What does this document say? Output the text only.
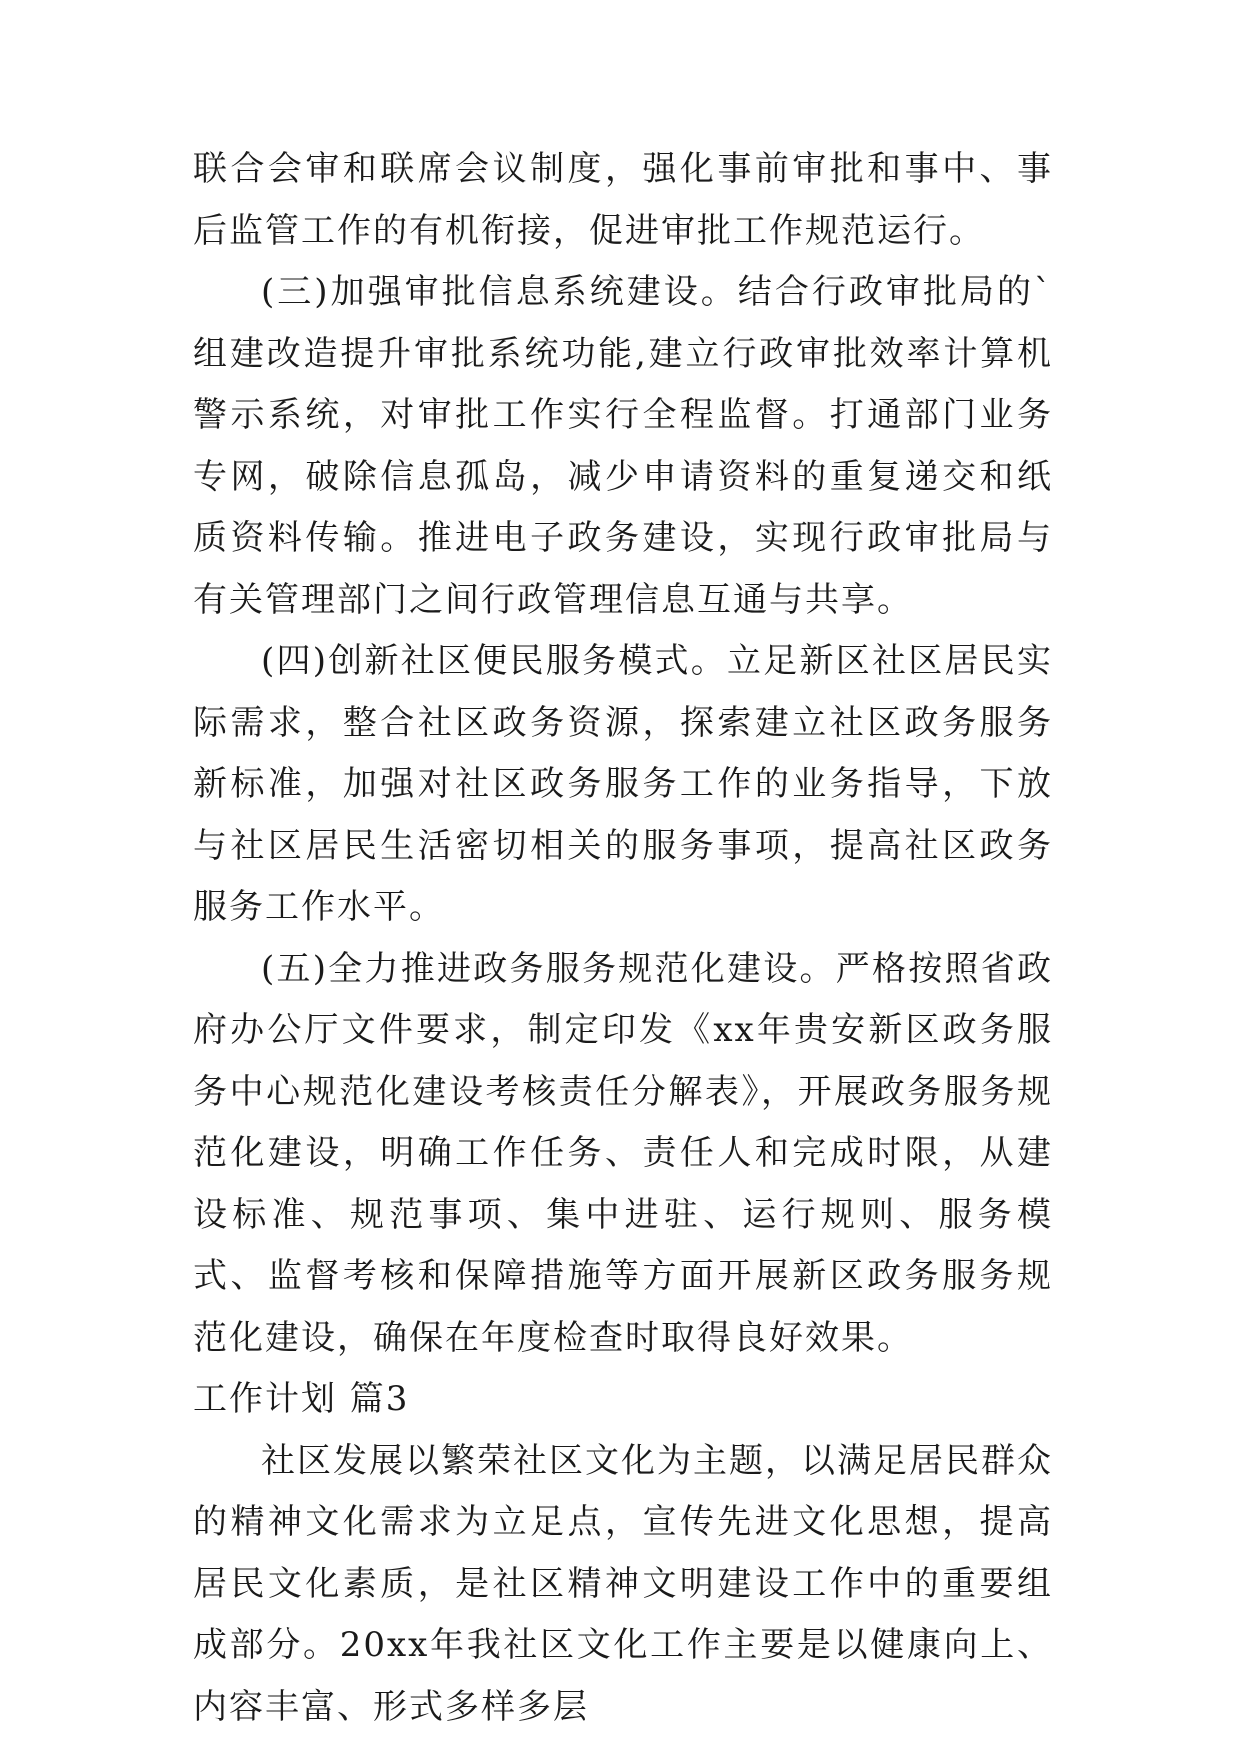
联合会审和联席会议制度，强化事前审批和事中、事后监管工作的有机衔接，促进审批工作规范运行。

(三)加强审批信息系统建设。结合行政审批局的`组建改造提升审批系统功能,建立行政审批效率计算机警示系统，对审批工作实行全程监督。打通部门业务专网，破除信息孤岛，减少申请资料的重复递交和纸质资料传输。推进电子政务建设，实现行政审批局与有关管理部门之间行政管理信息互通与共享。

(四)创新社区便民服务模式。立足新区社区居民实际需求，整合社区政务资源，探索建立社区政务服务新标准，加强对社区政务服务工作的业务指导，下放与社区居民生活密切相关的服务事项，提高社区政务服务工作水平。

(五)全力推进政务服务规范化建设。严格按照省政府办公厅文件要求，制定印发《xx年贵安新区政务服务中心规范化建设考核责任分解表》，开展政务服务规范化建设，明确工作任务、责任人和完成时限，从建设标准、规范事项、集中进驻、运行规则、服务模式、监督考核和保障措施等方面开展新区政务服务规范化建设，确保在年度检查时取得良好效果。

工作计划 篇3

社区发展以繁荣社区文化为主题，以满足居民群众的精神文化需求为立足点，宣传先进文化思想，提高居民文化素质，是社区精神文明建设工作中的重要组成部分。20xx年我社区文化工作主要是以健康向上、内容丰富、形式多样多层
